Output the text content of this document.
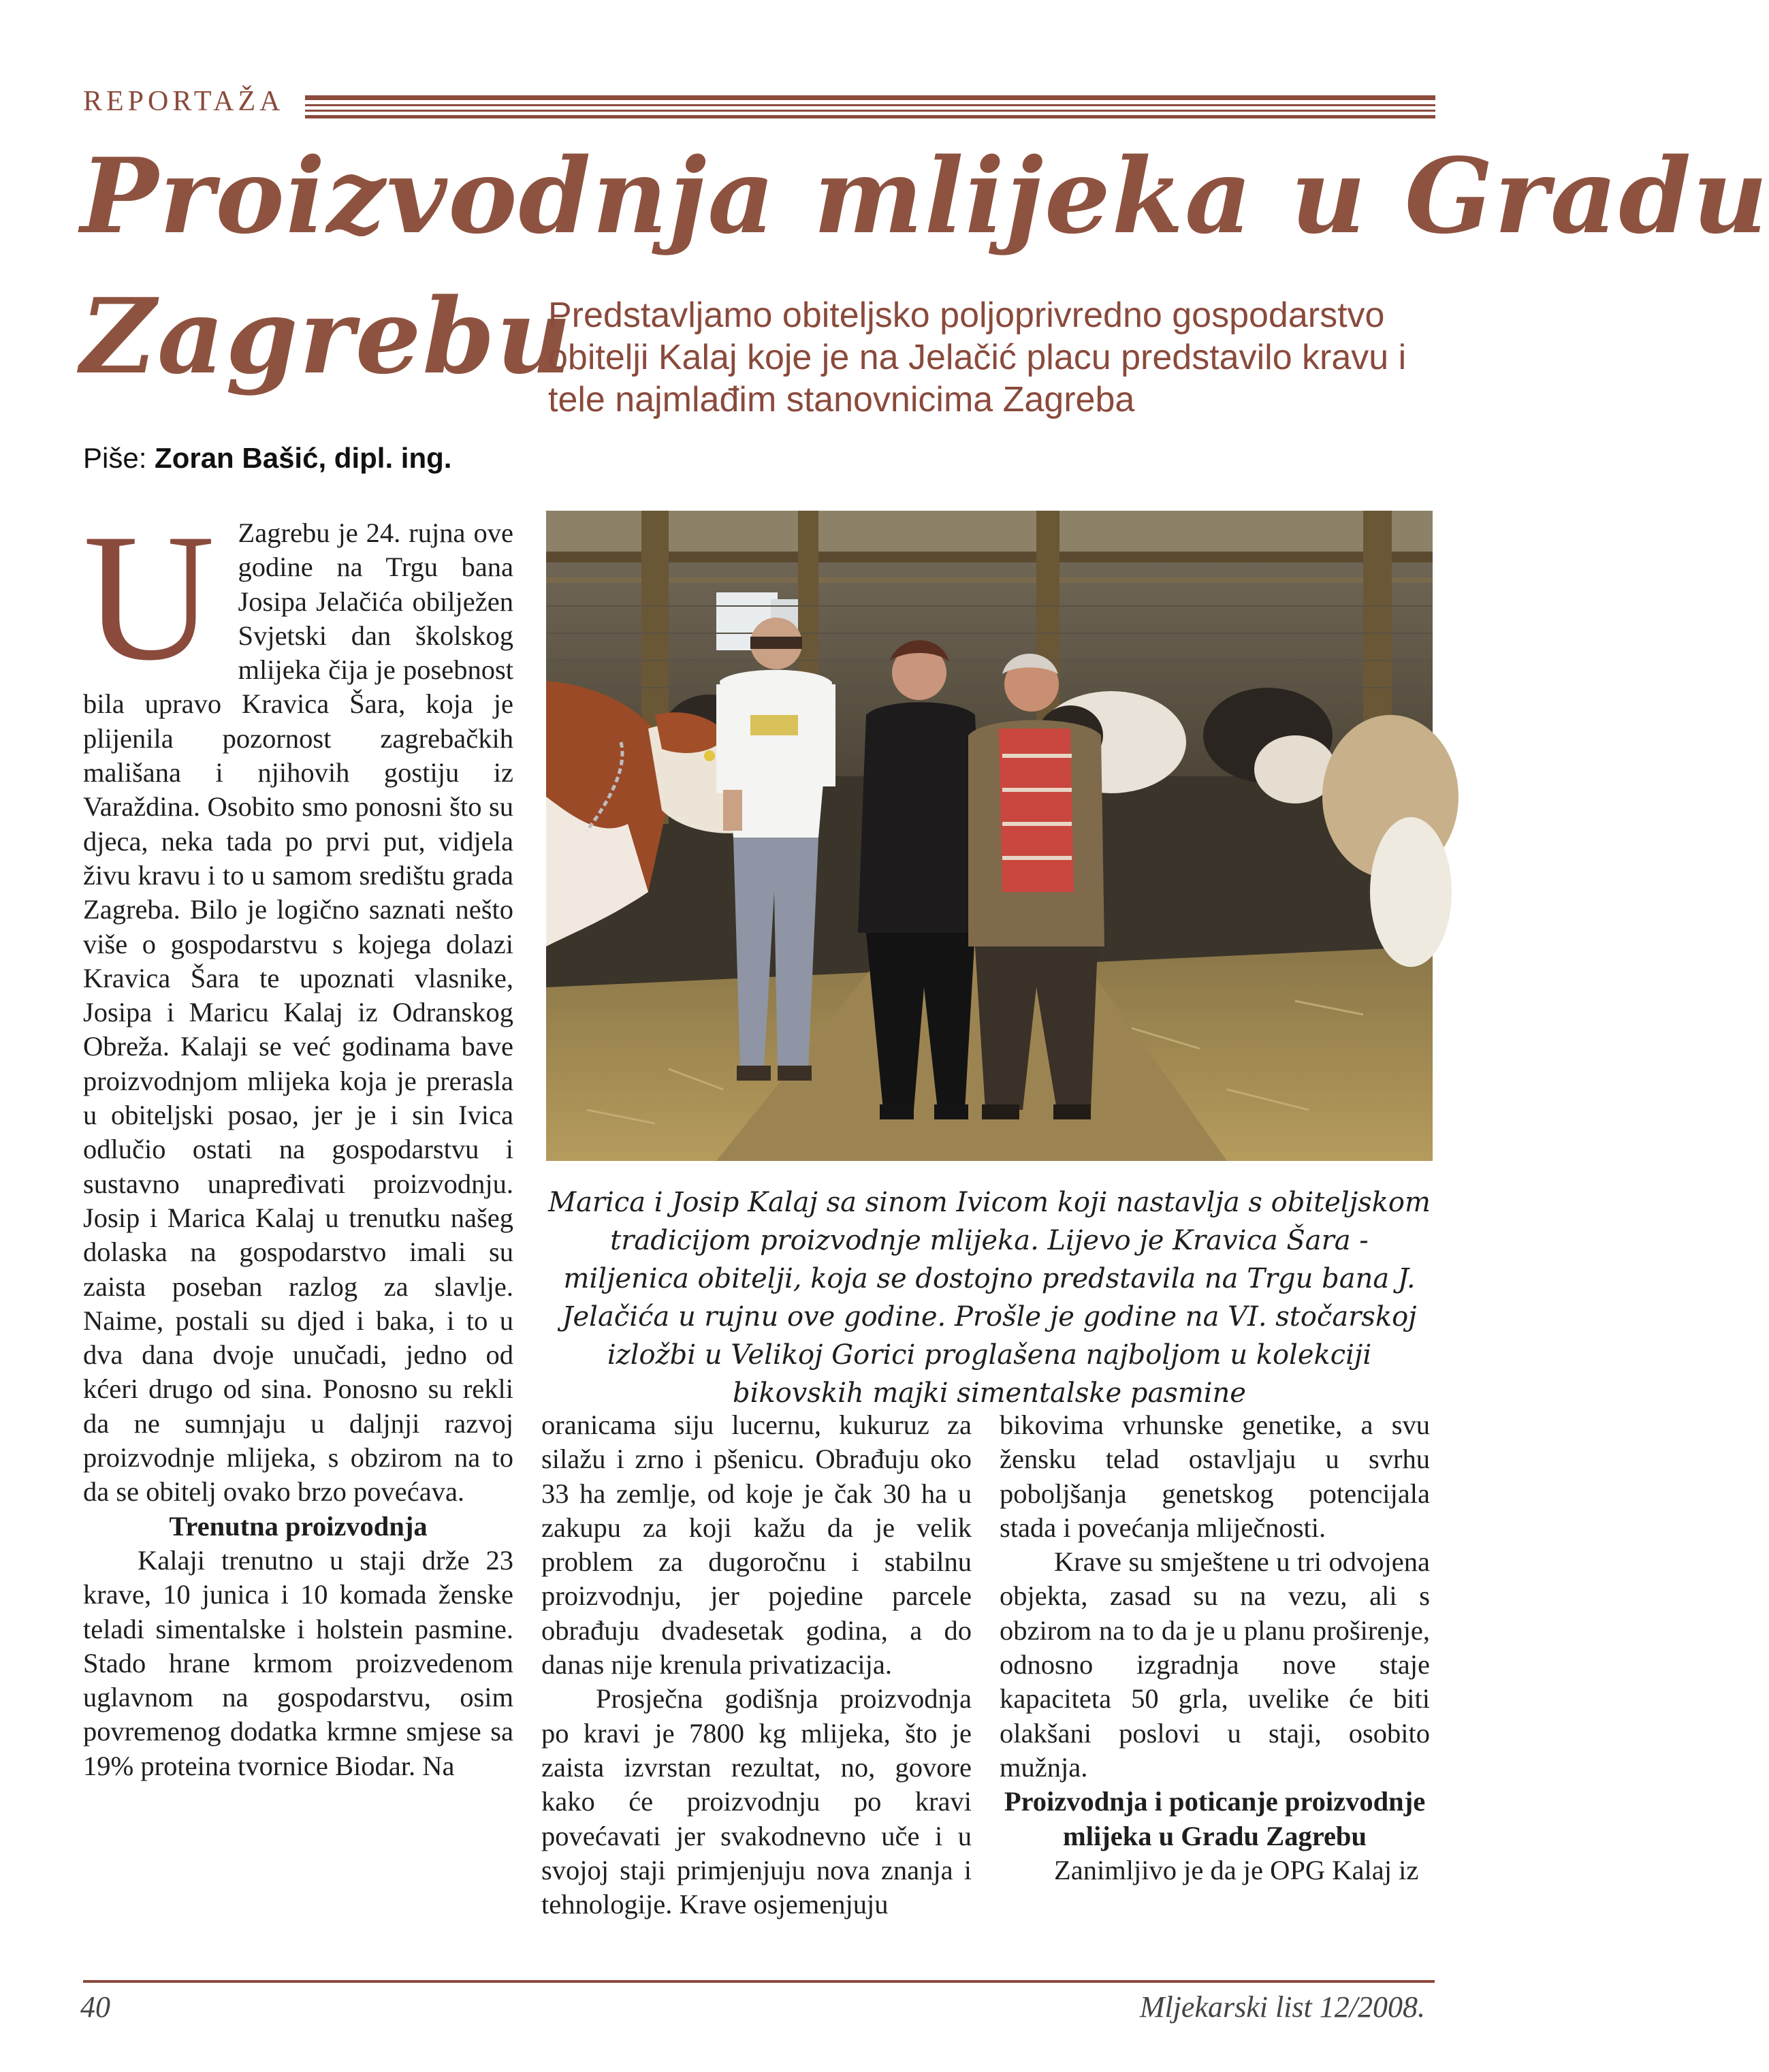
REPORTAŽA
Proizvodnja mlijeka u Gradu
Zagrebu
Predstavljamo obiteljsko poljoprivredno gospodarstvo obitelji Kalaj koje je na Jelačić placu predstavilo kravu i tele najmlađim stanovnicima Zagreba
Piše: Zoran Bašić, dipl. ing.
U Zagrebu je 24. rujna ove godine na Trgu bana Josipa Jelačića obilježen Svjetski dan školskog mlijeka čija je posebnost bila upravo Kravica Šara, koja je plijenila pozornost zagrebačkih mališana i njihovih gostiju iz Varaždina. Osobito smo ponosni što su djeca, neka tada po prvi put, vidjela živu kravu i to u samom središtu grada Zagreba. Bilo je logično saznati nešto više o gospodarstvu s kojega dolazi Kravica Šara te upoznati vlasnike, Josipa i Maricu Kalaj iz Odranskog Obreža. Kalaji se već godinama bave proizvodnjom mlijeka koja je prerasla u obiteljski posao, jer je i sin Ivica odlučio ostati na gospodarstvu i sustavno unapređivati proizvodnju. Josip i Marica Kalaj u trenutku našeg dolaska na gospodarstvo imali su zaista poseban razlog za slavlje. Naime, postali su djed i baka, i to u dva dana dvoje unučadi, jedno od kćeri drugo od sina. Ponosno su rekli da ne sumnjaju u daljnji razvoj proizvodnje mlijeka, s obzirom na to da se obitelj ovako brzo povećava.

Trenutna proizvodnja

Kalaji trenutno u staji drže 23 krave, 10 junica i 10 komada ženske teladi simentalske i holstein pasmine. Stado hrane krmom proizvedenom uglavnom na gospodarstvu, osim povremenog dodatka krmne smjese sa 19% proteina tvornice Biodar. Na

Marica i Josip Kalaj sa sinom Ivicom koji nastavlja s obiteljskom tradicijom proizvodnje mlijeka. Lijevo je Kravica Šara - miljenica obitelji, koja se dostojno predstavila na Trgu bana J. Jelačića u rujnu ove godine. Prošle je godine na VI. stočarskoj izložbi u Velikoj Gorici proglašena najboljom u kolekciji bikovskih majki simentalske pasmine

oranicama siju lucernu, kukuruz za silažu i zrno i pšenicu. Obrađuju oko 33 ha zemlje, od koje je čak 30 ha u zakupu za koji kažu da je velik problem za dugoročnu i stabilnu proizvodnju, jer pojedine parcele obrađuju dvadesetak godina, a do danas nije krenula privatizacija.

Prosječna godišnja proizvodnja po kravi je 7800 kg mlijeka, što je zaista izvrstan rezultat, no, govore kako će proizvodnju po kravi povećavati jer svakodnevno uče i u svojoj staji primjenjuju nova znanja i tehnologije. Krave osjemenjuju

bikovima vrhunske genetike, a svu žensku telad ostavljaju u svrhu poboljšanja genetskog potencijala stada i povećanja mliječnosti.

Krave su smještene u tri odvojena objekta, zasad su na vezu, ali s obzirom na to da je u planu proširenje, odnosno izgradnja nove staje kapaciteta 50 grla, uvelike će biti olakšani poslovi u staji, osobito mužnja.

Proizvodnja i poticanje proizvodnje mlijeka u Gradu Zagrebu

Zanimljivo je da je OPG Kalaj iz

40	Mljekarski list 12/2008.
